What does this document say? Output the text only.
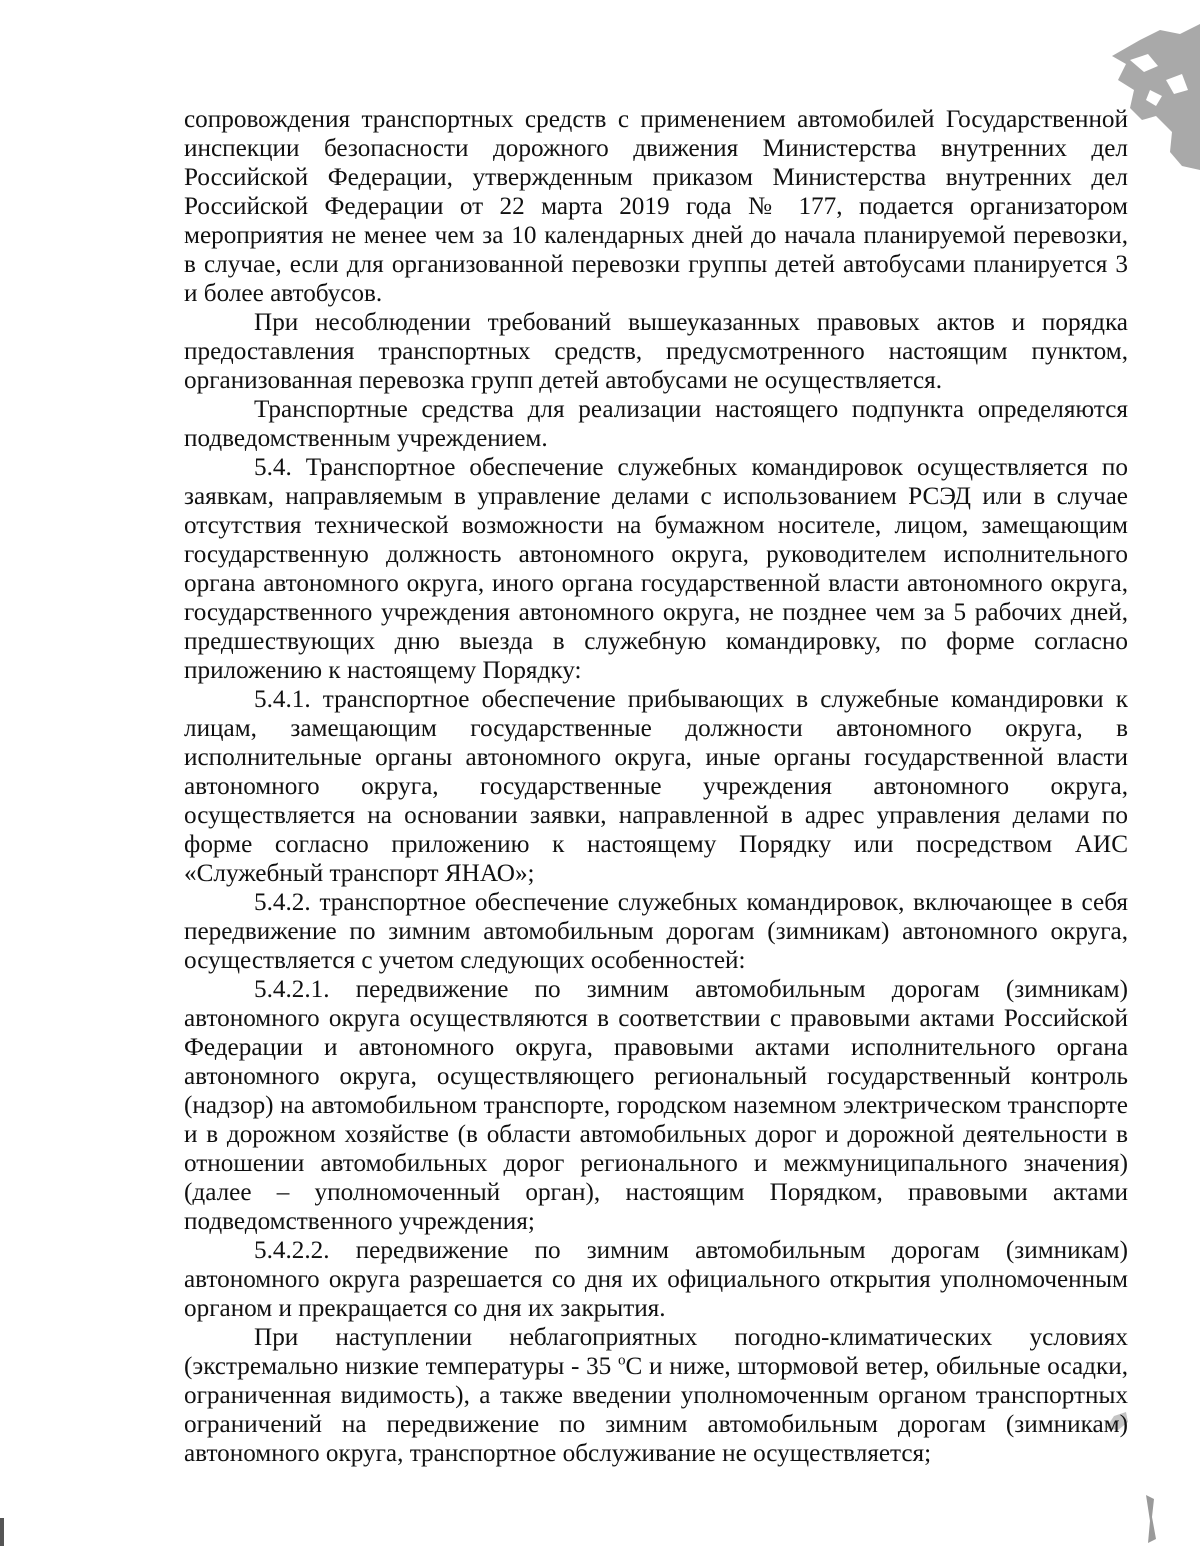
сопровождения транспортных средств с применением автомобилей Государственной инспекции безопасности дорожного движения Министерства внутренних дел Российской Федерации, утвержденным приказом Министерства внутренних дел Российской Федерации от 22 марта 2019 года № 177, подается организатором мероприятия не менее чем за 10 календарных дней до начала планируемой перевозки, в случае, если для организованной перевозки группы детей автобусами планируется 3 и более автобусов.

При несоблюдении требований вышеуказанных правовых актов и порядка предоставления транспортных средств, предусмотренного настоящим пунктом, организованная перевозка групп детей автобусами не осуществляется.

Транспортные средства для реализации настоящего подпункта определяются подведомственным учреждением.

5.4. Транспортное обеспечение служебных командировок осуществляется по заявкам, направляемым в управление делами с использованием РСЭД или в случае отсутствия технической возможности на бумажном носителе, лицом, замещающим государственную должность автономного округа, руководителем исполнительного органа автономного округа, иного органа государственной власти автономного округа, государственного учреждения автономного округа, не позднее чем за 5 рабочих дней, предшествующих дню выезда в служебную командировку, по форме согласно приложению к настоящему Порядку:

5.4.1. транспортное обеспечение прибывающих в служебные командировки к лицам, замещающим государственные должности автономного округа, в исполнительные органы автономного округа, иные органы государственной власти автономного округа, государственные учреждения автономного округа, осуществляется на основании заявки, направленной в адрес управления делами по форме согласно приложению к настоящему Порядку или посредством АИС «Служебный транспорт ЯНАО»;

5.4.2. транспортное обеспечение служебных командировок, включающее в себя передвижение по зимним автомобильным дорогам (зимникам) автономного округа, осуществляется с учетом следующих особенностей:

5.4.2.1. передвижение по зимним автомобильным дорогам (зимникам) автономного округа осуществляются в соответствии с правовыми актами Российской Федерации и автономного округа, правовыми актами исполнительного органа автономного округа, осуществляющего региональный государственный контроль (надзор) на автомобильном транспорте, городском наземном электрическом транспорте и в дорожном хозяйстве (в области автомобильных дорог и дорожной деятельности в отношении автомобильных дорог регионального и межмуниципального значения) (далее – уполномоченный орган), настоящим Порядком, правовыми актами подведомственного учреждения;

5.4.2.2. передвижение по зимним автомобильным дорогам (зимникам) автономного округа разрешается со дня их официального открытия уполномоченным органом и прекращается со дня их закрытия.

При наступлении неблагоприятных погодно-климатических условиях (экстремально низкие температуры - 35 $^о$С и ниже, штормовой ветер, обильные осадки, ограниченная видимость), а также введении уполномоченным органом транспортных ограничений на передвижение по зимним автомобильным дорогам (зимникам) автономного округа, транспортное обслуживание не осуществляется;
